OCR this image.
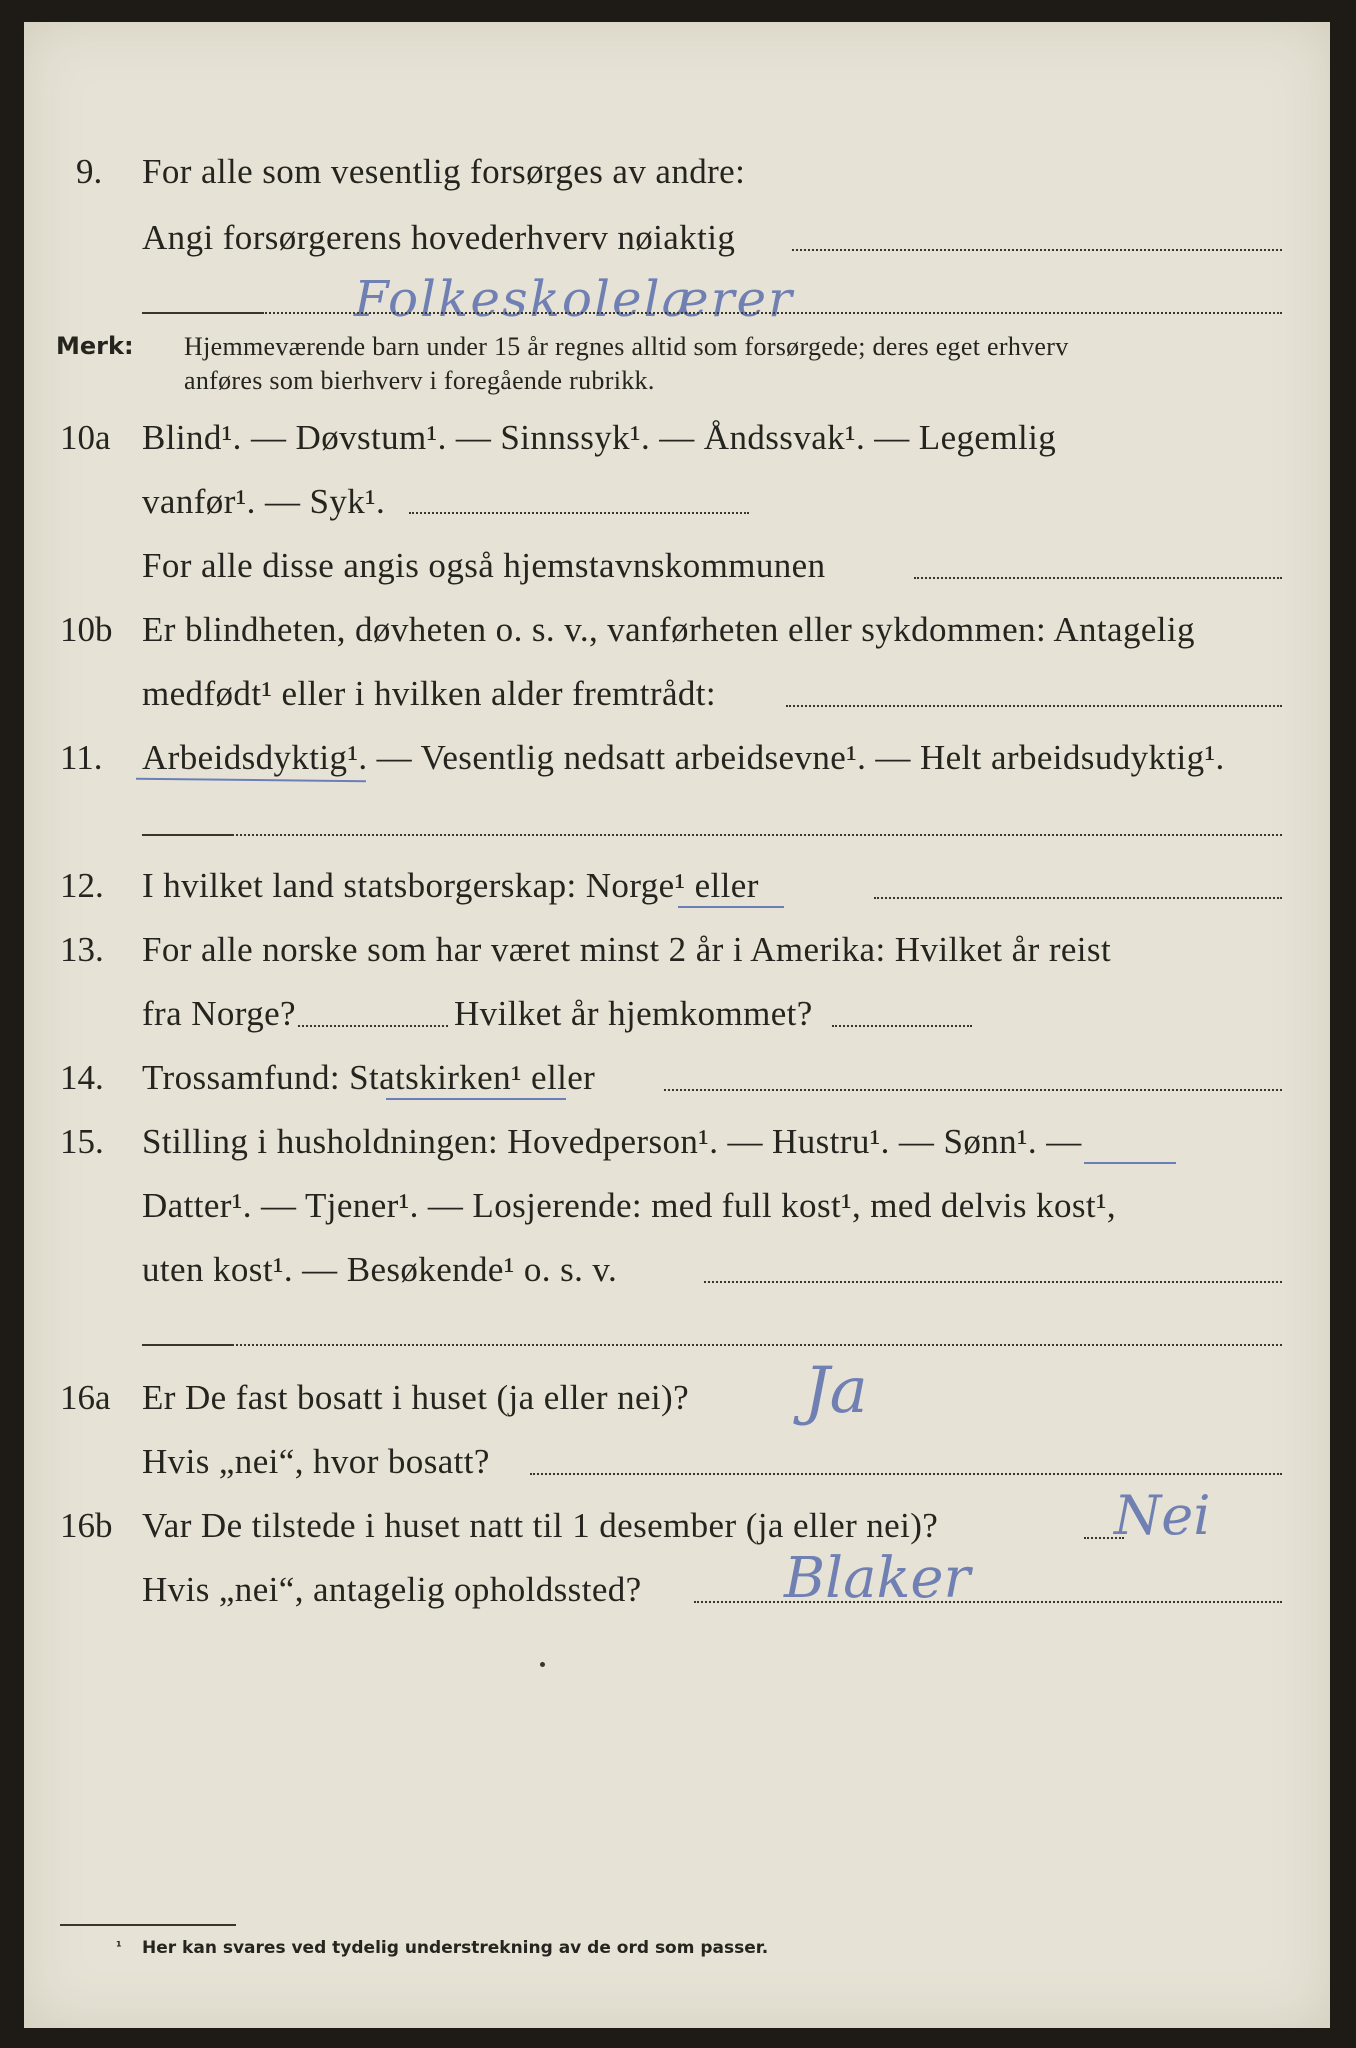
9. For alle som vesentlig forsørges av andre:
Angi forsørgerens hovederhverv nøiaktig
Folkeskolelærer
Merk: Hjemmeværende barn under 15 år regnes alltid som forsørgede; deres eget erhverv
anføres som bierhverv i foregående rubrikk.
10a Blind¹. — Døvstum¹. — Sinnssyk¹. — Åndssvak¹. — Legemlig
vanfør¹. — Syk¹.
For alle disse angis også hjemstavnskommunen
10b Er blindheten, døvheten o. s. v., vanførheten eller sykdommen: Antagelig
medfødt¹ eller i hvilken alder fremtrådt:
11. Arbeidsdyktig¹. — Vesentlig nedsatt arbeidsevne¹. — Helt arbeidsudyktig¹.
12. I hvilket land statsborgerskap: Norge¹ eller
13. For alle norske som har været minst 2 år i Amerika: Hvilket år reist
fra Norge?	Hvilket år hjemkommet?
14. Trossamfund: Statskirken¹ eller
15. Stilling i husholdningen: Hovedperson¹. — Hustru¹. — Sønn¹. —
Datter¹. — Tjener¹. — Losjerende: med full kost¹, med delvis kost¹,
uten kost¹. — Besøkende¹ o. s. v.
16a Er De fast bosatt i huset (ja eller nei)? Ja
Hvis „nei“, hvor bosatt?
16b Var De tilstede i huset natt til 1 desember (ja eller nei)?	Nei
Hvis „nei“, antagelig opholdssted?	Blaker
¹ Her kan svares ved tydelig understrekning av de ord som passer.
